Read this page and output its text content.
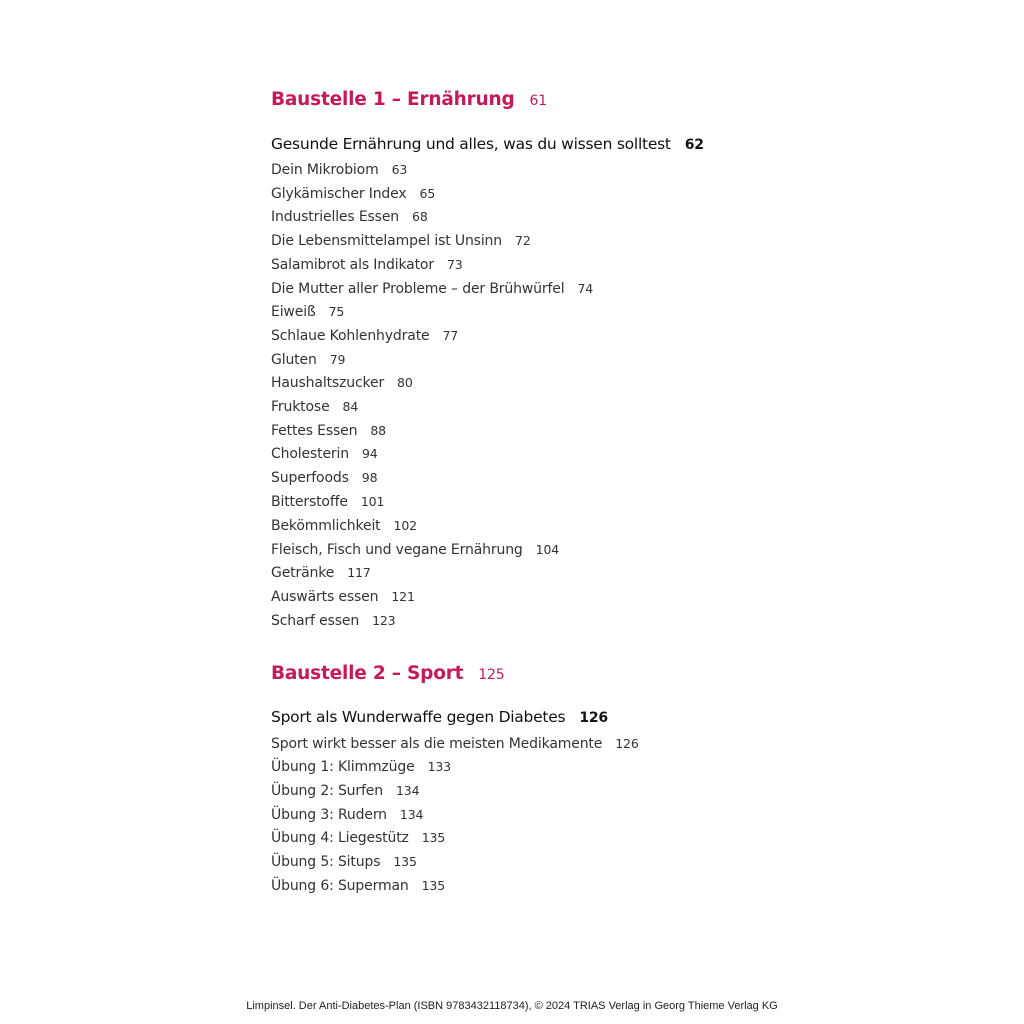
Baustelle 1 – Ernährung 61
Gesunde Ernährung und alles, was du wissen solltest 62
Dein Mikrobiom 63
Glykämischer Index 65
Industrielles Essen 68
Die Lebensmittelampel ist Unsinn 72
Salamibrot als Indikator 73
Die Mutter aller Probleme – der Brühwürfel 74
Eiweiß 75
Schlaue Kohlenhydrate 77
Gluten 79
Haushaltszucker 80
Fruktose 84
Fettes Essen 88
Cholesterin 94
Superfoods 98
Bitterstoffe 101
Bekömmlichkeit 102
Fleisch, Fisch und vegane Ernährung 104
Getränke 117
Auswärts essen 121
Scharf essen 123
Baustelle 2 – Sport 125
Sport als Wunderwaffe gegen Diabetes 126
Sport wirkt besser als die meisten Medikamente 126
Übung 1: Klimmzüge 133
Übung 2: Surfen 134
Übung 3: Rudern 134
Übung 4: Liegestütz 135
Übung 5: Situps 135
Übung 6: Superman 135
Limpinsel. Der Anti-Diabetes-Plan (ISBN 9783432118734), © 2024 TRIAS Verlag in Georg Thieme Verlag KG
